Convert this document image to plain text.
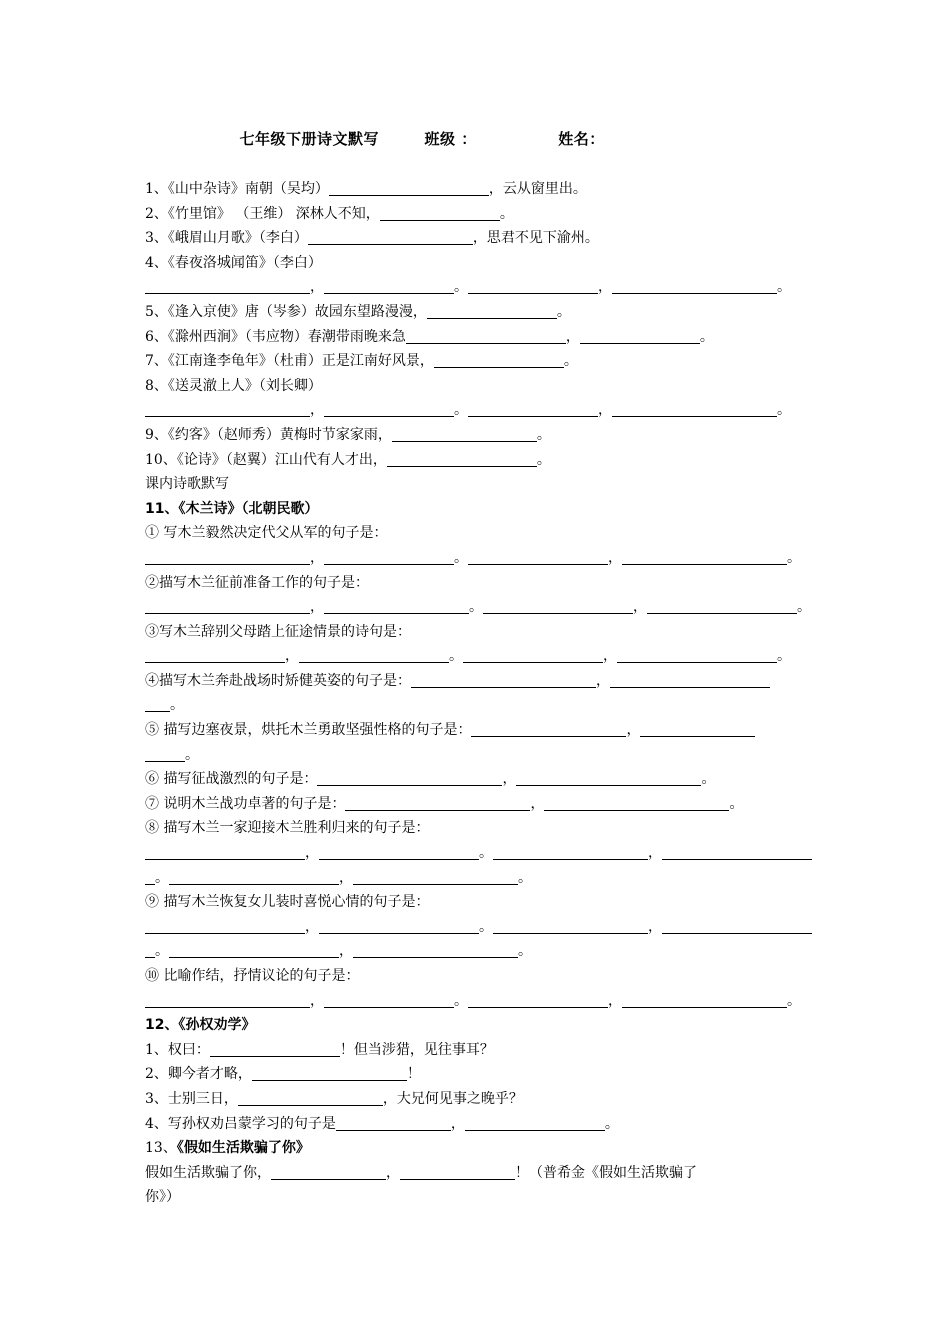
七年级下册诗文默写	班级 ：	姓名：
1、《山中杂诗》南朝（吴均）	，云从窗里出。
2、《竹里馆》 （王维） 深林人不知，	。
3、《峨眉山月歌》（李白）	，思君不见下渝州。
4、《春夜洛城闻笛》（李白）
，	。	，	。
5、《逢入京使》唐（岑参）故园东望路漫漫，	。
6、《滁州西涧》（韦应物）春潮带雨晚来急	，	。
7、《江南逢李龟年》（杜甫）正是江南好风景，	。
8、《送灵澈上人》（刘长卿）
，	。	，	。
9、《约客》（赵师秀）黄梅时节家家雨，	。
10、《论诗》（赵翼）江山代有人才出，	。
课内诗歌默写
11、《木兰诗》（北朝民歌）
① 写木兰毅然决定代父从军的句子是：
，	。	，	。
②描写木兰征前准备工作的句子是：
，	。	，	。
③写木兰辞别父母踏上征途情景的诗句是：
，	。	，	。
④描写木兰奔赴战场时矫健英姿的句子是：	，
。
⑤ 描写边塞夜景，烘托木兰勇敢坚强性格的句子是：	，
。
⑥ 描写征战激烈的句子是：	，	。
⑦ 说明木兰战功卓著的句子是：	，	。
⑧ 描写木兰一家迎接木兰胜利归来的句子是：
，	。	，
。	，	。
⑨ 描写木兰恢复女儿装时喜悦心情的句子是：
，	。	，
。	，	。
⑩ 比喻作结，抒情议论的句子是：
，	。	，	。
12、《孙权劝学》
1、权曰：	！但当涉猎，见往事耳？
2、卿今者才略，	！
3、士别三日，	，大兄何见事之晚乎？
4、写孙权劝吕蒙学习的句子是	，	。
13、《假如生活欺骗了你》
假如生活欺骗了你，	，	！（普希金《假如生活欺骗了
你》）
